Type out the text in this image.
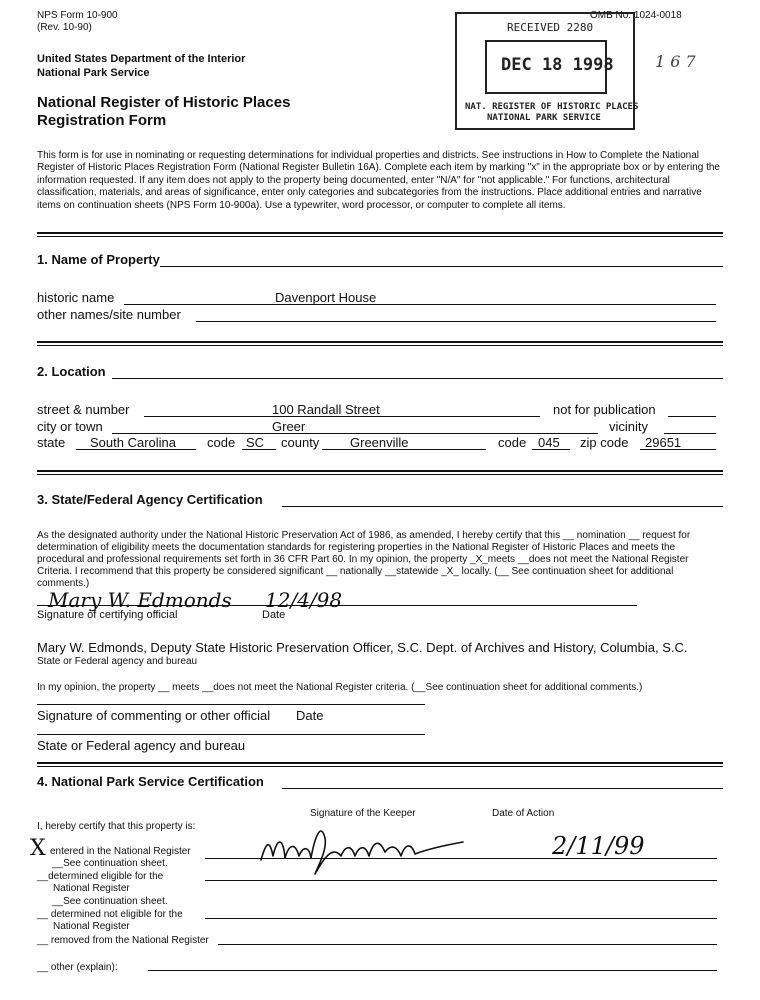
NPS Form 10-900
(Rev. 10-90)
OMB No. 1024-0018
United States Department of the Interior
National Park Service
National Register of Historic Places
Registration Form
1 6 7
RECEIVED 2280
DEC 18 1998
NAT. REGISTER OF HISTORIC PLACES
NATIONAL PARK SERVICE
This form is for use in nominating or requesting determinations for individual properties and districts. See instructions in How to Complete the National Register of Historic Places Registration Form (National Register Bulletin 16A). Complete each item by marking "x" in the appropriate box or by entering the information requested. If any item does not apply to the property being documented, enter "N/A" for "not applicable." For functions, architectural classification, materials, and areas of significance, enter only categories and subcategories from the instructions. Place additional entries and narrative items on continuation sheets (NPS Form 10-900a). Use a typewriter, word processor, or computer to complete all items.
1. Name of Property
historic name	Davenport House
other names/site number
2. Location
street & number	100 Randall Street	not for publication
city or town	Greer	vicinity
state South Carolina code SC county Greenville	code 045 zip code 29651
3. State/Federal Agency Certification
As the designated authority under the National Historic Preservation Act of 1986, as amended, I hereby certify that this __ nomination __ request for determination of eligibility meets the documentation standards for registering properties in the National Register of Historic Places and meets the procedural and professional requirements set forth in 36 CFR Part 60. In my opinion, the property _X_meets __does not meet the National Register Criteria. I recommend that this property be considered significant __ nationally __statewide _X_ locally. (__ See continuation sheet for additional comments.)
Mary W. Edmonds 12/4/98
Signature of certifying official	Date
Mary W. Edmonds, Deputy State Historic Preservation Officer, S.C. Dept. of Archives and History, Columbia, S.C.
State or Federal agency and bureau
In my opinion, the property __ meets __does not meet the National Register criteria. (__See continuation sheet for additional comments.)
Signature of commenting or other official Date
State or Federal agency and bureau
4. National Park Service Certification
Signature of the Keeper	Date of Action
I, hereby certify that this property is:
X entered in the National Register
__See continuation sheet.
__determined eligible for the
National Register
__See continuation sheet.
__ determined not eligible for the
National Register
__ removed from the National Register
__ other (explain):
2/11/99
